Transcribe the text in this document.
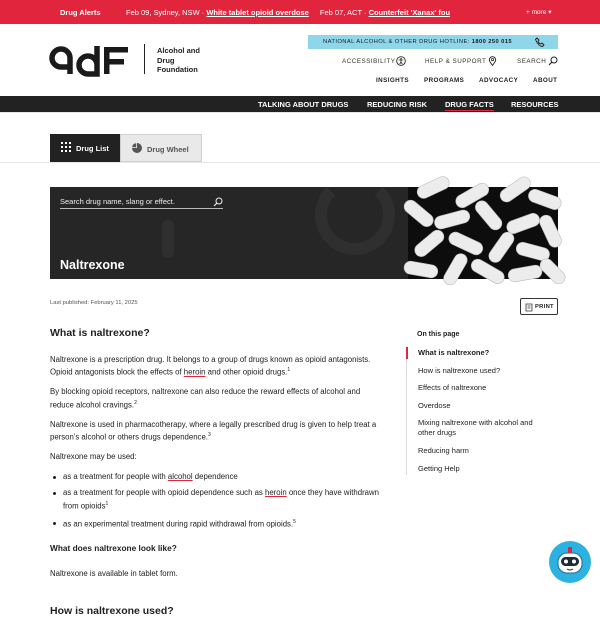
Drug Alerts	Feb 09, Sydney, NSW · White tablet opioid overdose Feb 07, ACT · Counterfeit 'Xanax' fou	+ more ▾
Alcohol and Drug Foundation
NATIONAL ALCOHOL & OTHER DRUG HOTLINE: 1800 250 015
ACCESSIBILITY	HELP & SUPPORT	SEARCH
INSIGHTS PROGRAMS ADVOCACY ABOUT
TALKING ABOUT DRUGS REDUCING RISK DRUG FACTS RESOURCES
Drug List	Drug Wheel
Search drug name, slang or effect.
Naltrexone
Last published: February 11, 2025
PRINT
What is naltrexone?

Naltrexone is a prescription drug. It belongs to a group of drugs known as opioid antagonists. Opioid antagonists block the effects of heroin and other opioid drugs.$^1$

By blocking opioid receptors, naltrexone can also reduce the reward effects of alcohol and reduce alcohol cravings.$^2$

Naltrexone is used in pharmacotherapy, where a legally prescribed drug is given to help treat a person's alcohol or others drugs dependence.$^3$

Naltrexone may be used:

as a treatment for people with alcohol dependence
as a treatment for people with opioid dependence such as heroin once they have withdrawn from opioids$^1$
as an experimental treatment during rapid withdrawal from opioids.$^5$
What does naltrexone look like?

Naltrexone is available in tablet form.

How is naltrexone used?
On this page
What is naltrexone?
How is naltrexone used?
Effects of naltrexone
Overdose
Mixing naltrexone with alcohol and other drugs
Reducing harm
Getting Help
